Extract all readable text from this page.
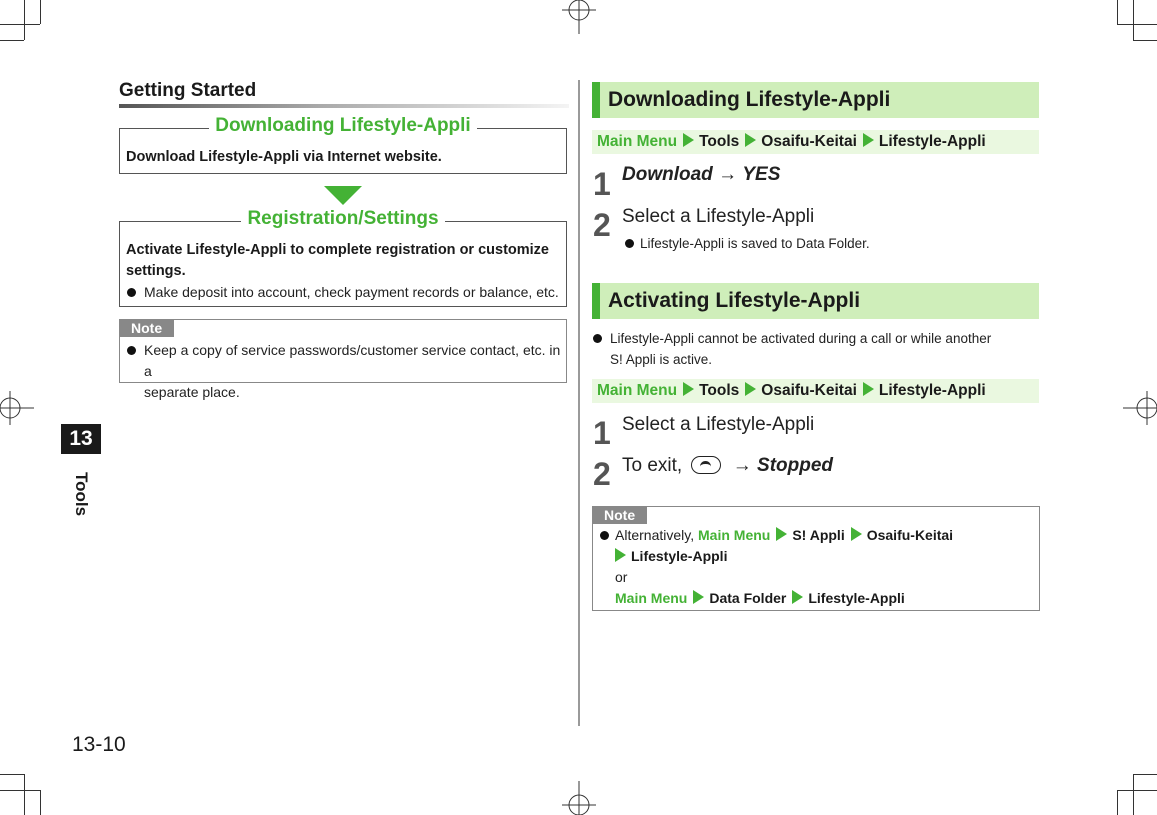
13
Tools
13-10
Getting Started
Downloading Lifestyle-Appli
Download Lifestyle-Appli via Internet website.
Registration/Settings
Activate Lifestyle-Appli to complete registration or customize settings.
Make deposit into account, check payment records or balance, etc.
Note
Keep a copy of service passwords/customer service contact, etc. in a
separate place.
Downloading Lifestyle-Appli
Main Menu Tools Osaifu-Keitai Lifestyle-Appli
1 Download → YES
2 Select a Lifestyle-Appli
Lifestyle-Appli is saved to Data Folder.
Activating Lifestyle-Appli
Lifestyle-Appli cannot be activated during a call or while another
S! Appli is active.
Main Menu Tools Osaifu-Keitai Lifestyle-Appli
1 Select a Lifestyle-Appli
2 To exit,	→ Stopped
Note
Alternatively, Main Menu S! Appli Osaifu-Keitai
Lifestyle-Appli
or
Main Menu Data Folder Lifestyle-Appli
